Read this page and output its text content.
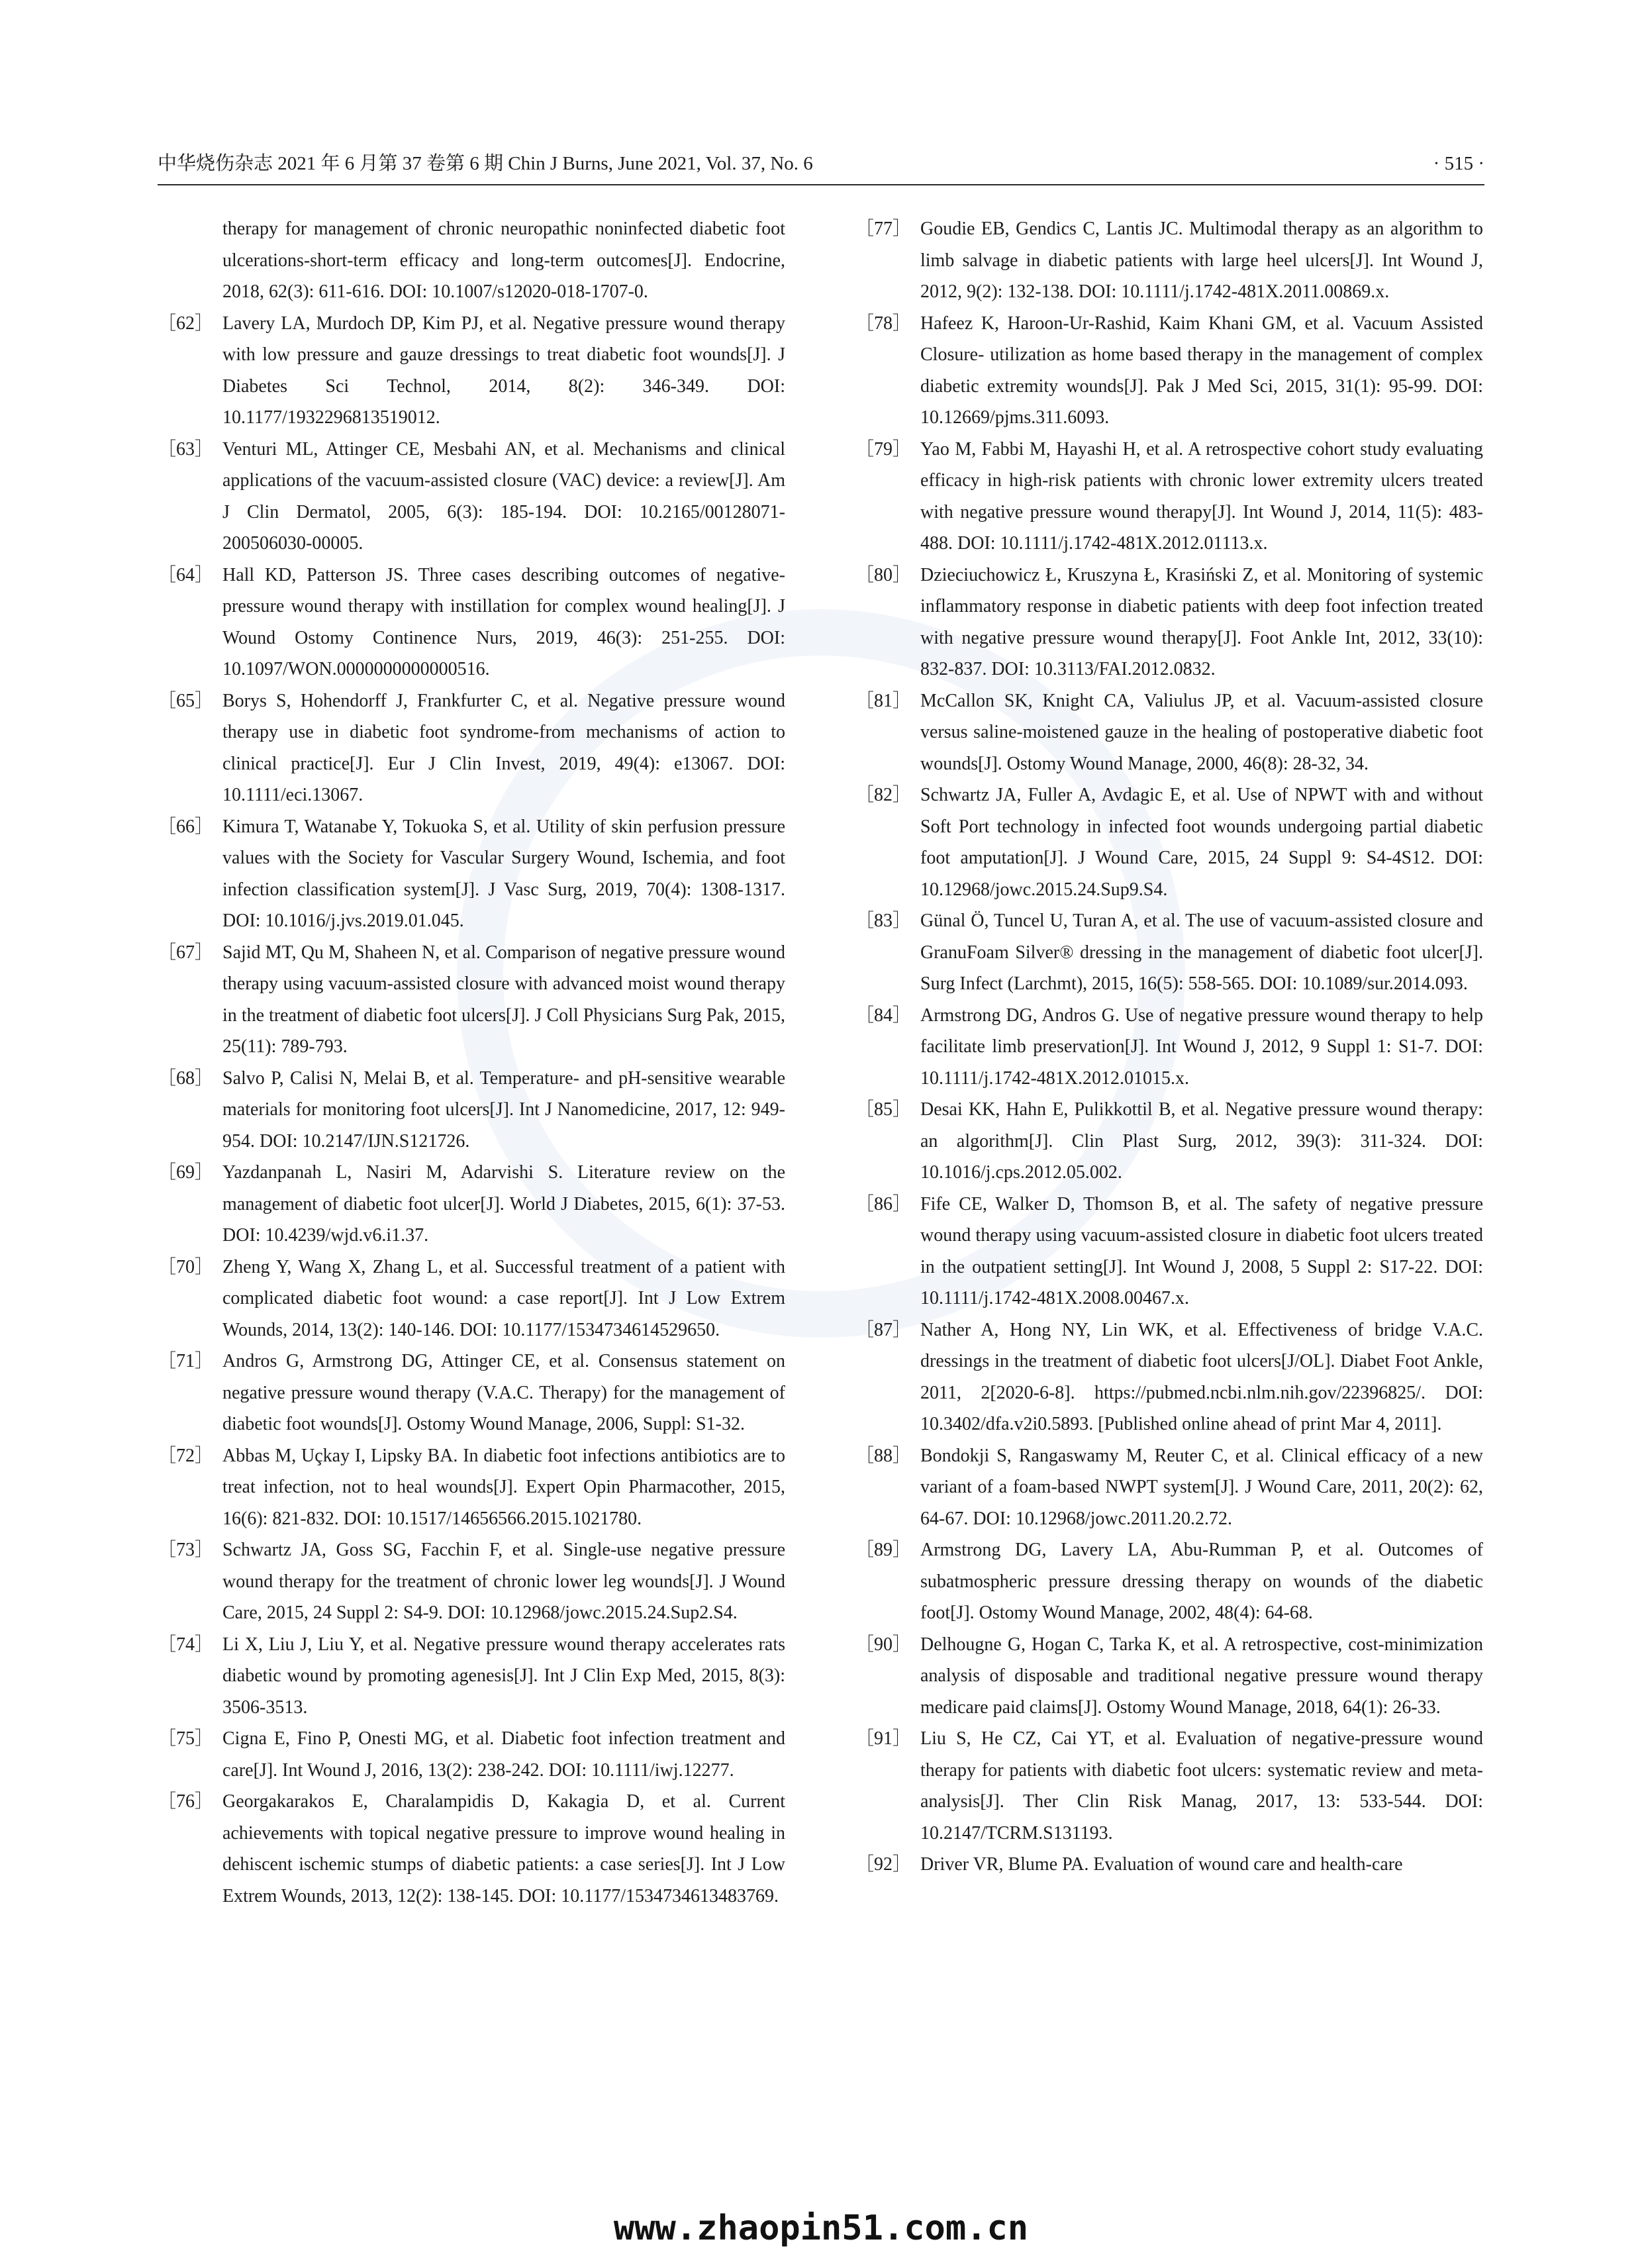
中华烧伤杂志 2021 年 6 月第 37 卷第 6 期 Chin J Burns, June 2021, Vol. 37, No. 6	· 515 ·
therapy for management of chronic neuropathic noninfected diabetic foot ulcerations-short-term efficacy and long-term outcomes[J]. Endocrine, 2018, 62(3): 611-616. DOI: 10.1007/s12020-018-1707-0.
［62］ Lavery LA, Murdoch DP, Kim PJ, et al. Negative pressure wound therapy with low pressure and gauze dressings to treat diabetic foot wounds[J]. J Diabetes Sci Technol, 2014, 8(2): 346-349. DOI: 10.1177/1932296813519012.
［63］ Venturi ML, Attinger CE, Mesbahi AN, et al. Mechanisms and clinical applications of the vacuum-assisted closure (VAC) device: a review[J]. Am J Clin Dermatol, 2005, 6(3): 185-194. DOI: 10.2165/00128071-200506030-00005.
［64］ Hall KD, Patterson JS. Three cases describing outcomes of negative-pressure wound therapy with instillation for complex wound healing[J]. J Wound Ostomy Continence Nurs, 2019, 46(3): 251-255. DOI: 10.1097/WON.0000000000000516.
［65］ Borys S, Hohendorff J, Frankfurter C, et al. Negative pressure wound therapy use in diabetic foot syndrome-from mechanisms of action to clinical practice[J]. Eur J Clin Invest, 2019, 49(4): e13067. DOI: 10.1111/eci.13067.
［66］ Kimura T, Watanabe Y, Tokuoka S, et al. Utility of skin perfusion pressure values with the Society for Vascular Surgery Wound, Ischemia, and foot infection classification system[J]. J Vasc Surg, 2019, 70(4): 1308-1317. DOI: 10.1016/j.jvs.2019.01.045.
［67］ Sajid MT, Qu M, Shaheen N, et al. Comparison of negative pressure wound therapy using vacuum-assisted closure with advanced moist wound therapy in the treatment of diabetic foot ulcers[J]. J Coll Physicians Surg Pak, 2015, 25(11): 789-793.
［68］ Salvo P, Calisi N, Melai B, et al. Temperature- and pH-sensitive wearable materials for monitoring foot ulcers[J]. Int J Nanomedicine, 2017, 12: 949-954. DOI: 10.2147/IJN.S121726.
［69］ Yazdanpanah L, Nasiri M, Adarvishi S. Literature review on the management of diabetic foot ulcer[J]. World J Diabetes, 2015, 6(1): 37-53. DOI: 10.4239/wjd.v6.i1.37.
［70］ Zheng Y, Wang X, Zhang L, et al. Successful treatment of a patient with complicated diabetic foot wound: a case report[J]. Int J Low Extrem Wounds, 2014, 13(2): 140-146. DOI: 10.1177/1534734614529650.
［71］ Andros G, Armstrong DG, Attinger CE, et al. Consensus statement on negative pressure wound therapy (V.A.C. Therapy) for the management of diabetic foot wounds[J]. Ostomy Wound Manage, 2006, Suppl: S1-32.
［72］ Abbas M, Uçkay I, Lipsky BA. In diabetic foot infections antibiotics are to treat infection, not to heal wounds[J]. Expert Opin Pharmacother, 2015, 16(6): 821-832. DOI: 10.1517/14656566.2015.1021780.
［73］ Schwartz JA, Goss SG, Facchin F, et al. Single-use negative pressure wound therapy for the treatment of chronic lower leg wounds[J]. J Wound Care, 2015, 24 Suppl 2: S4-9. DOI: 10.12968/jowc.2015.24.Sup2.S4.
［74］ Li X, Liu J, Liu Y, et al. Negative pressure wound therapy accelerates rats diabetic wound by promoting agenesis[J]. Int J Clin Exp Med, 2015, 8(3): 3506-3513.
［75］ Cigna E, Fino P, Onesti MG, et al. Diabetic foot infection treatment and care[J]. Int Wound J, 2016, 13(2): 238-242. DOI: 10.1111/iwj.12277.
［76］ Georgakarakos E, Charalampidis D, Kakagia D, et al. Current achievements with topical negative pressure to improve wound healing in dehiscent ischemic stumps of diabetic patients: a case series[J]. Int J Low Extrem Wounds, 2013, 12(2): 138-145. DOI: 10.1177/1534734613483769.
［77］ Goudie EB, Gendics C, Lantis JC. Multimodal therapy as an algorithm to limb salvage in diabetic patients with large heel ulcers[J]. Int Wound J, 2012, 9(2): 132-138. DOI: 10.1111/j.1742-481X.2011.00869.x.
［78］ Hafeez K, Haroon-Ur-Rashid, Kaim Khani GM, et al. Vacuum Assisted Closure- utilization as home based therapy in the management of complex diabetic extremity wounds[J]. Pak J Med Sci, 2015, 31(1): 95-99. DOI: 10.12669/pjms.311.6093.
［79］ Yao M, Fabbi M, Hayashi H, et al. A retrospective cohort study evaluating efficacy in high-risk patients with chronic lower extremity ulcers treated with negative pressure wound therapy[J]. Int Wound J, 2014, 11(5): 483-488. DOI: 10.1111/j.1742-481X.2012.01113.x.
［80］ Dzieciuchowicz Ł, Kruszyna Ł, Krasiński Z, et al. Monitoring of systemic inflammatory response in diabetic patients with deep foot infection treated with negative pressure wound therapy[J]. Foot Ankle Int, 2012, 33(10): 832-837. DOI: 10.3113/FAI.2012.0832.
［81］ McCallon SK, Knight CA, Valiulus JP, et al. Vacuum-assisted closure versus saline-moistened gauze in the healing of postoperative diabetic foot wounds[J]. Ostomy Wound Manage, 2000, 46(8): 28-32, 34.
［82］ Schwartz JA, Fuller A, Avdagic E, et al. Use of NPWT with and without Soft Port technology in infected foot wounds undergoing partial diabetic foot amputation[J]. J Wound Care, 2015, 24 Suppl 9: S4-4S12. DOI: 10.12968/jowc.2015.24.Sup9.S4.
［83］ Günal Ö, Tuncel U, Turan A, et al. The use of vacuum-assisted closure and GranuFoam Silver® dressing in the management of diabetic foot ulcer[J]. Surg Infect (Larchmt), 2015, 16(5): 558-565. DOI: 10.1089/sur.2014.093.
［84］ Armstrong DG, Andros G. Use of negative pressure wound therapy to help facilitate limb preservation[J]. Int Wound J, 2012, 9 Suppl 1: S1-7. DOI: 10.1111/j.1742-481X.2012.01015.x.
［85］ Desai KK, Hahn E, Pulikkottil B, et al. Negative pressure wound therapy: an algorithm[J]. Clin Plast Surg, 2012, 39(3): 311-324. DOI: 10.1016/j.cps.2012.05.002.
［86］ Fife CE, Walker D, Thomson B, et al. The safety of negative pressure wound therapy using vacuum-assisted closure in diabetic foot ulcers treated in the outpatient setting[J]. Int Wound J, 2008, 5 Suppl 2: S17-22. DOI: 10.1111/j.1742-481X.2008.00467.x.
［87］ Nather A, Hong NY, Lin WK, et al. Effectiveness of bridge V.A.C. dressings in the treatment of diabetic foot ulcers[J/OL]. Diabet Foot Ankle, 2011, 2[2020-6-8]. https://pubmed.ncbi.nlm.nih.gov/22396825/. DOI: 10.3402/dfa.v2i0.5893. [Published online ahead of print Mar 4, 2011].
［88］ Bondokji S, Rangaswamy M, Reuter C, et al. Clinical efficacy of a new variant of a foam-based NWPT system[J]. J Wound Care, 2011, 20(2): 62, 64-67. DOI: 10.12968/jowc.2011.20.2.72.
［89］ Armstrong DG, Lavery LA, Abu-Rumman P, et al. Outcomes of subatmospheric pressure dressing therapy on wounds of the diabetic foot[J]. Ostomy Wound Manage, 2002, 48(4): 64-68.
［90］ Delhougne G, Hogan C, Tarka K, et al. A retrospective, cost-minimization analysis of disposable and traditional negative pressure wound therapy medicare paid claims[J]. Ostomy Wound Manage, 2018, 64(1): 26-33.
［91］ Liu S, He CZ, Cai YT, et al. Evaluation of negative-pressure wound therapy for patients with diabetic foot ulcers: systematic review and meta-analysis[J]. Ther Clin Risk Manag, 2017, 13: 533-544. DOI: 10.2147/TCRM.S131193.
［92］ Driver VR, Blume PA. Evaluation of wound care and health-care
www.zhaopin51.com.cn
